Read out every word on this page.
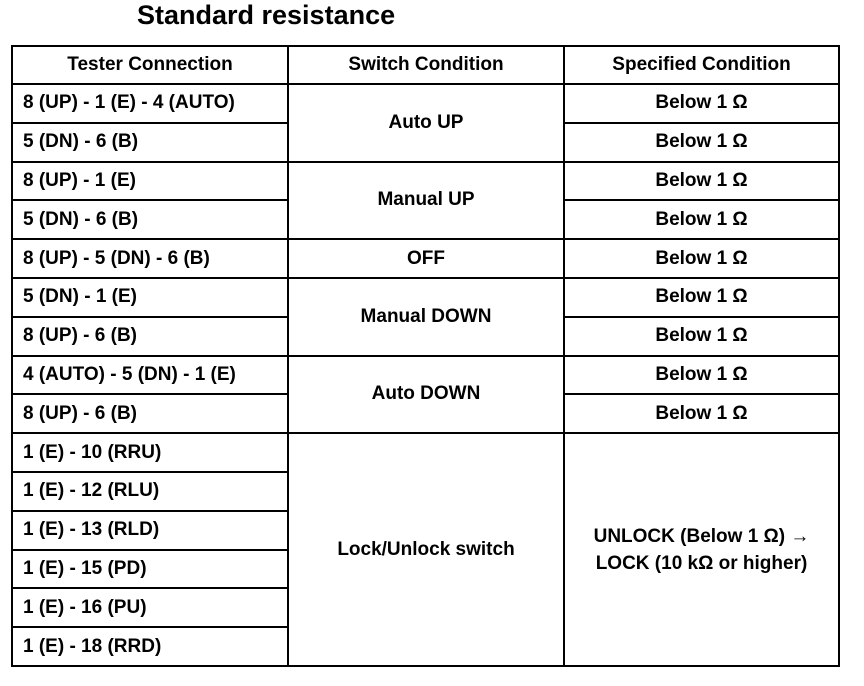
Standard resistance
Tester Connection	Switch Condition	Specified Condition
8 (UP) - 1 (E) - 4 (AUTO)	Auto UP	Below 1 Ω
5 (DN) - 6 (B)		Below 1 Ω
8 (UP) - 1 (E)	Manual UP	Below 1 Ω
5 (DN) - 6 (B)		Below 1 Ω
8 (UP) - 5 (DN) - 6 (B)	OFF	Below 1 Ω
5 (DN) - 1 (E)	Manual DOWN	Below 1 Ω
8 (UP) - 6 (B)		Below 1 Ω
4 (AUTO) - 5 (DN) - 1 (E)	Auto DOWN	Below 1 Ω
8 (UP) - 6 (B)		Below 1 Ω
1 (E) - 10 (RRU)	Lock/Unlock switch	UNLOCK (Below 1 Ω) →
LOCK (10 kΩ or higher)

1 (E) - 12 (RLU)		
1 (E) - 13 (RLD)		
1 (E) - 15 (PD)		
1 (E) - 16 (PU)		
1 (E) - 18 (RRD)		
